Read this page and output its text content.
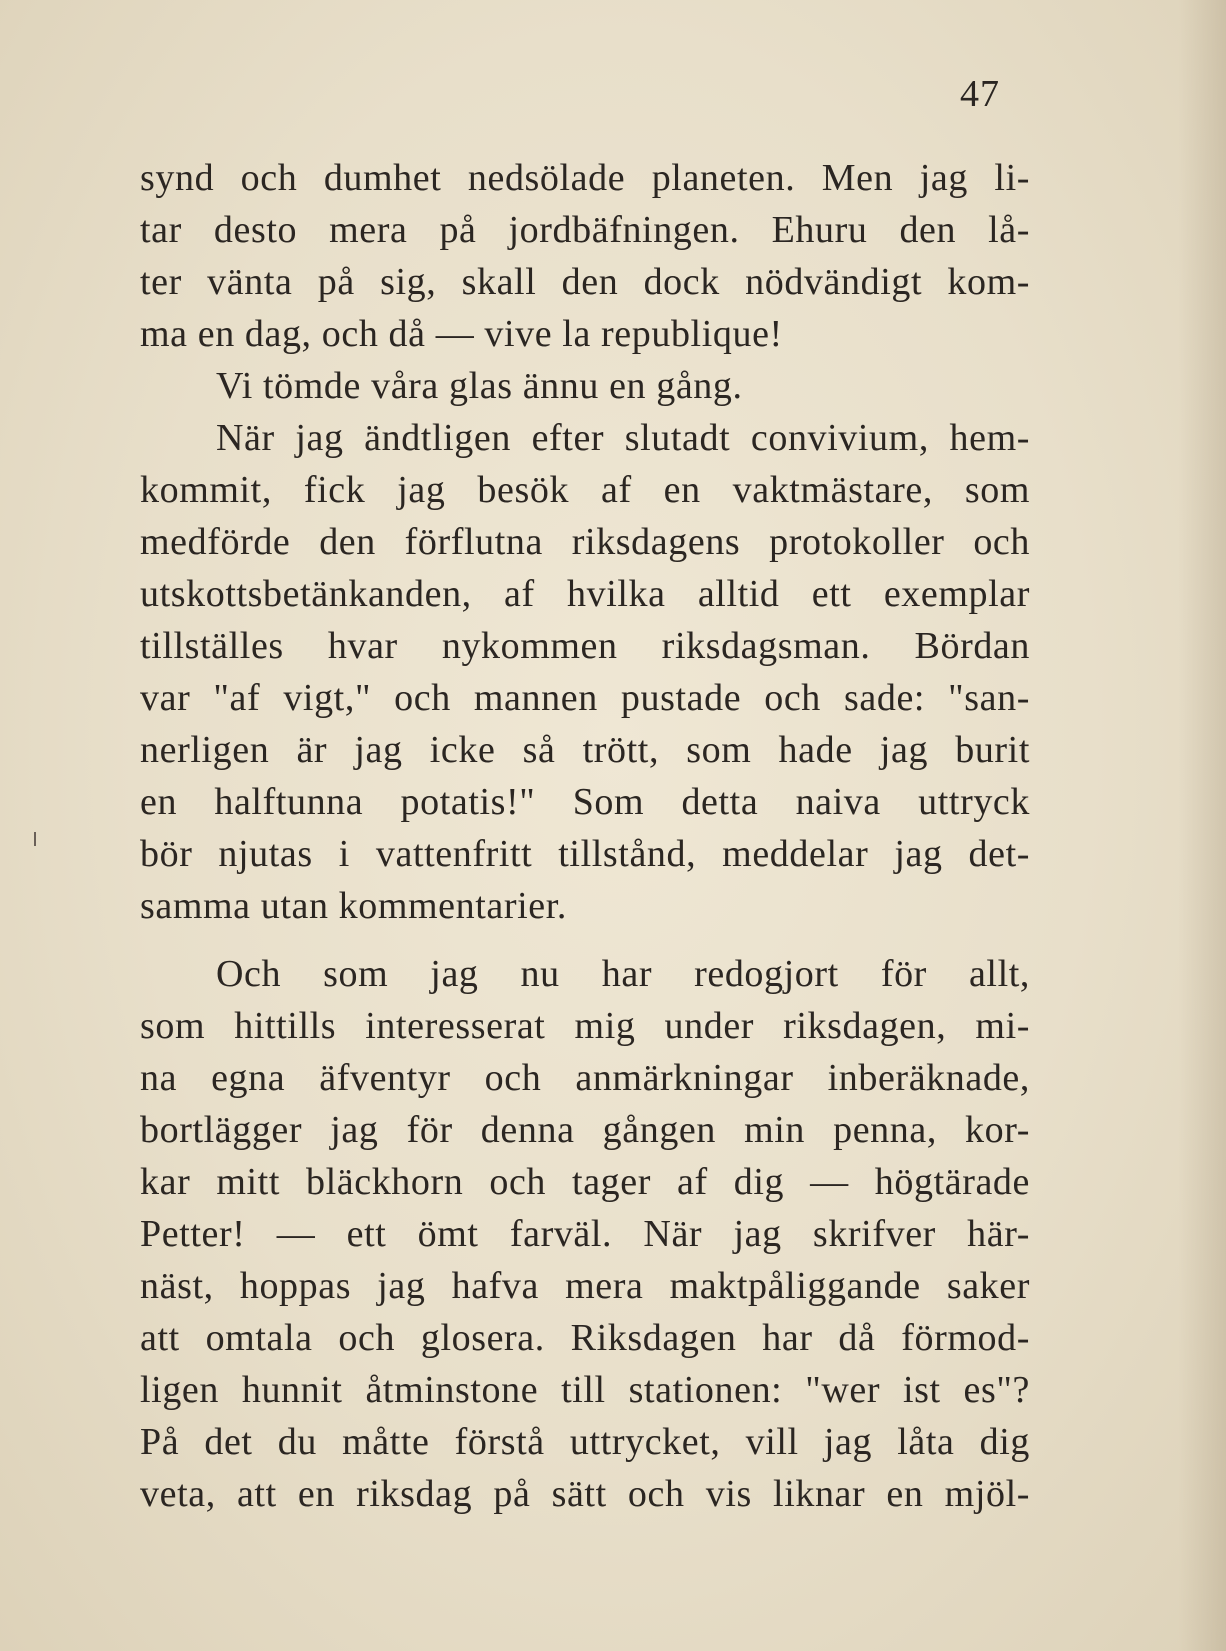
47
synd och dumhet nedsölade planeten. Men jag li-
tar desto mera på jordbäfningen. Ehuru den lå-
ter vänta på sig, skall den dock nödvändigt kom-
ma en dag, och då — vive la republique!
Vi tömde våra glas ännu en gång.
När jag ändtligen efter slutadt convivium, hem-
kommit, fick jag besök af en vaktmästare, som
medförde den förflutna riksdagens protokoller och
utskottsbetänkanden, af hvilka alltid ett exemplar
tillställes hvar nykommen riksdagsman. Bördan
var "af vigt," och mannen pustade och sade: "san-
nerligen är jag icke så trött, som hade jag burit
en halftunna potatis!" Som detta naiva uttryck
bör njutas i vattenfritt tillstånd, meddelar jag det-
samma utan kommentarier.
Och som jag nu har redogjort för allt,
som hittills interesserat mig under riksdagen, mi-
na egna äfventyr och anmärkningar inberäknade,
bortlägger jag för denna gången min penna, kor-
kar mitt bläckhorn och tager af dig — högtärade
Petter! — ett ömt farväl. När jag skrifver här-
näst, hoppas jag hafva mera maktpåliggande saker
att omtala och glosera. Riksdagen har då förmod-
ligen hunnit åtminstone till stationen: "wer ist es"?
På det du måtte förstå uttrycket, vill jag låta dig
veta, att en riksdag på sätt och vis liknar en mjöl-
